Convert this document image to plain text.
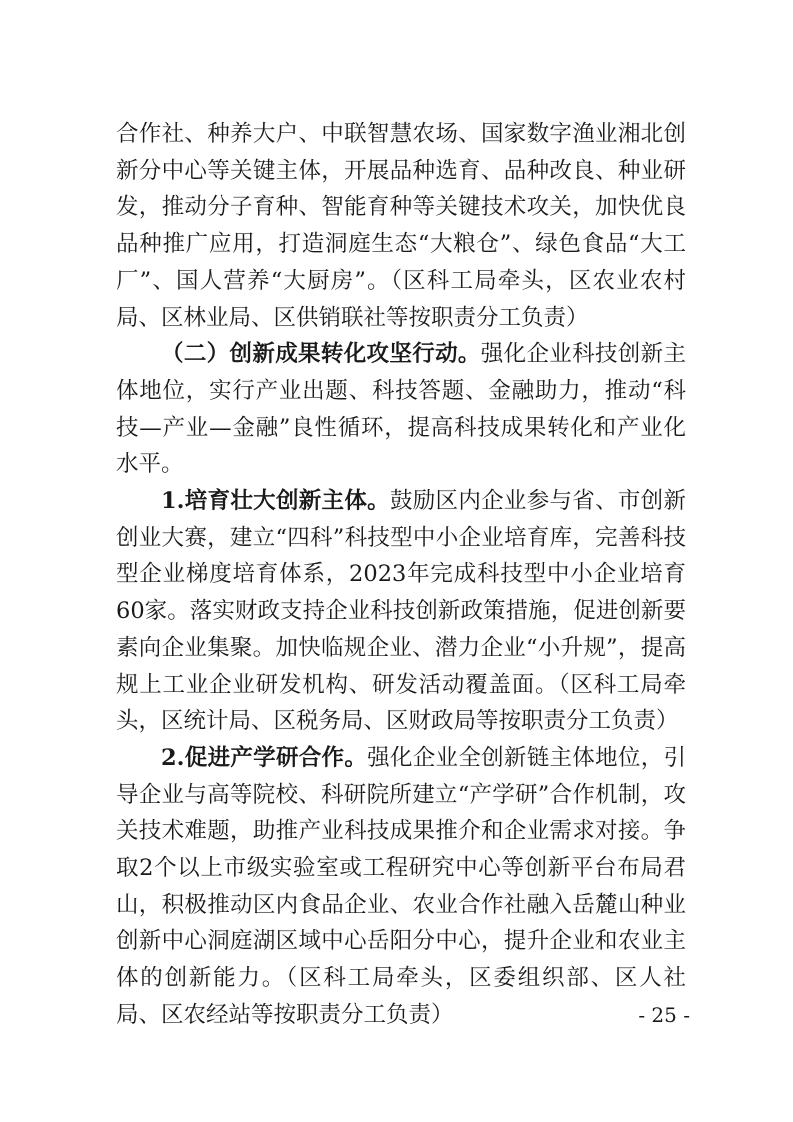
合作社、种养大户、中联智慧农场、国家数字渔业湘北创新分中心等关键主体，开展品种选育、品种改良、种业研发，推动分子育种、智能育种等关键技术攻关，加快优良品种推广应用，打造洞庭生态“大粮仓”、绿色食品“大工厂”、国人营养“大厨房”。（区科工局牵头，区农业农村局、区林业局、区供销联社等按职责分工负责）

（二）创新成果转化攻坚行动。强化企业科技创新主体地位，实行产业出题、科技答题、金融助力，推动“科技—产业—金融”良性循环，提高科技成果转化和产业化水平。

1.培育壮大创新主体。鼓励区内企业参与省、市创新创业大赛，建立“四科”科技型中小企业培育库，完善科技型企业梯度培育体系，2023年完成科技型中小企业培育60家。落实财政支持企业科技创新政策措施，促进创新要素向企业集聚。加快临规企业、潜力企业“小升规”，提高规上工业企业研发机构、研发活动覆盖面。（区科工局牵头，区统计局、区税务局、区财政局等按职责分工负责）

2.促进产学研合作。强化企业全创新链主体地位，引导企业与高等院校、科研院所建立“产学研”合作机制，攻关技术难题，助推产业科技成果推介和企业需求对接。争取2个以上市级实验室或工程研究中心等创新平台布局君山，积极推动区内食品企业、农业合作社融入岳麓山种业创新中心洞庭湖区域中心岳阳分中心，提升企业和农业主体的创新能力。（区科工局牵头，区委组织部、区人社局、区农经站等按职责分工负责）	- 25 -
